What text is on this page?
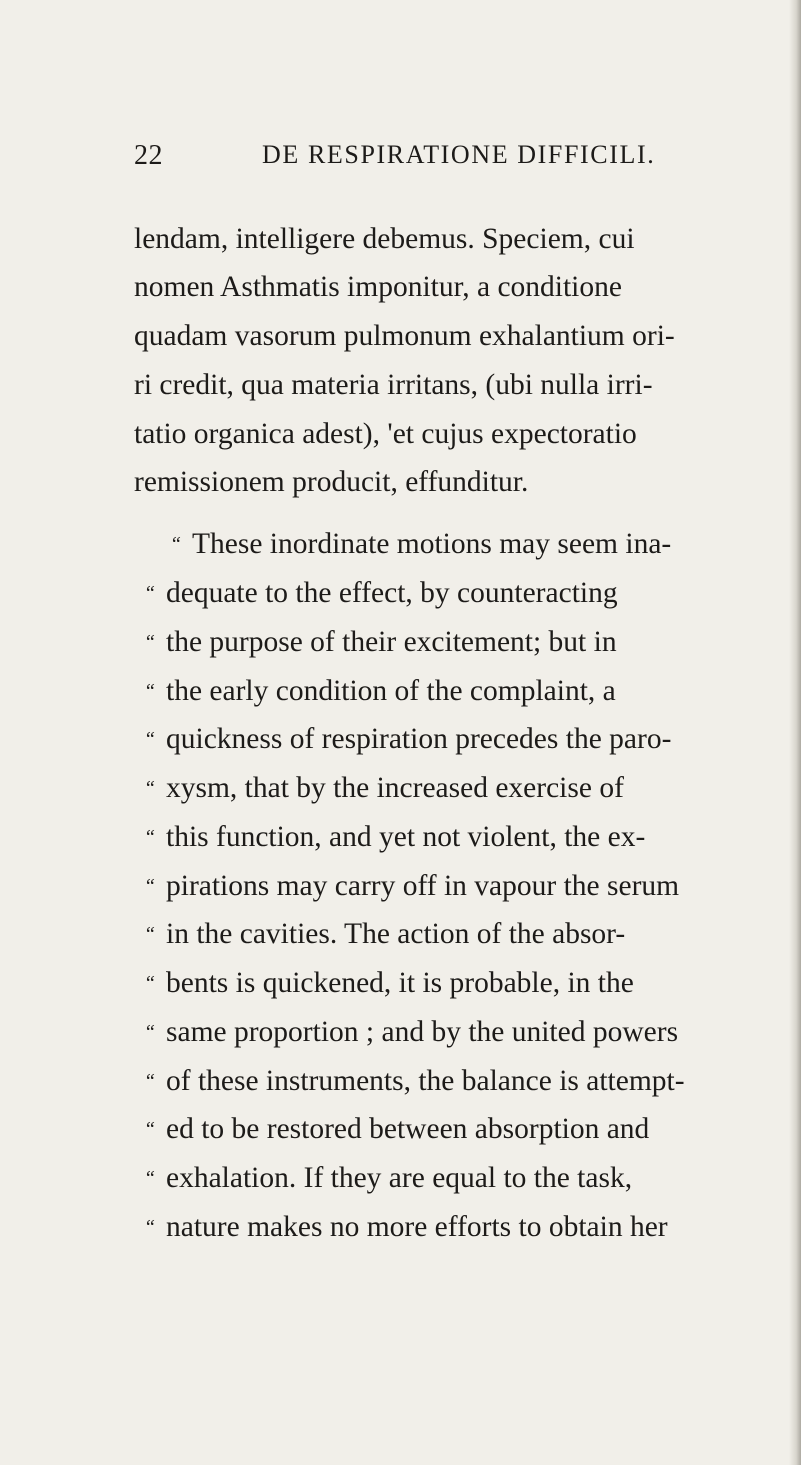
22	DE RESPIRATIONE DIFFICILI.
lendam, intelligere debemus. Speciem, cui
nomen Asthmatis imponitur, a conditione
quadam vasorum pulmonum exhalantium ori-
ri credit, qua materia irritans, (ubi nulla irri-
tatio organica adest), 'et cujus expectoratio
remissionem producit, effunditur.
“ These inordinate motions may seem ina-
“ dequate to the effect, by counteracting
“ the purpose of their excitement; but in
“ the early condition of the complaint, a
“ quickness of respiration precedes the paro-
“ xysm, that by the increased exercise of
“ this function, and yet not violent, the ex-
“ pirations may carry off in vapour the serum
“ in the cavities. The action of the absor-
“ bents is quickened, it is probable, in the
“ same proportion ; and by the united powers
“ of these instruments, the balance is attempt-
“ ed to be restored between absorption and
“ exhalation. If they are equal to the task,
“ nature makes no more efforts to obtain her
